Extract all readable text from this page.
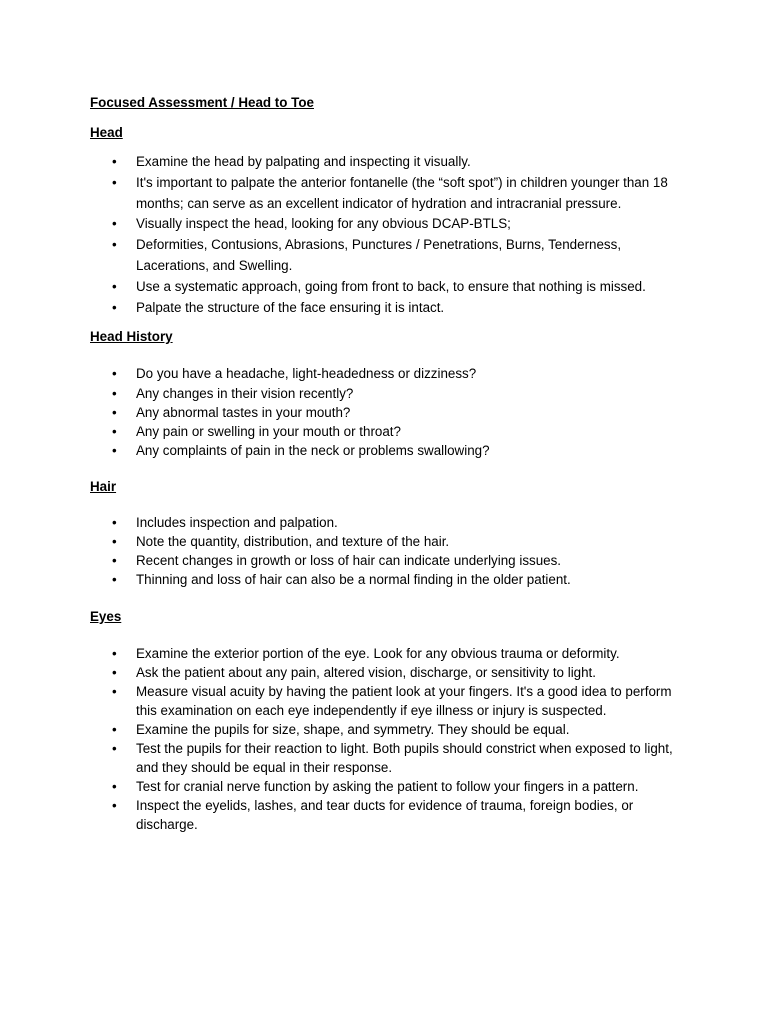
Focused Assessment / Head to Toe
Head
• Examine the head by palpating and inspecting it visually.
• It's important to palpate the anterior fontanelle (the “soft spot”) in children younger than 18 months; can serve as an excellent indicator of hydration and intracranial pressure.
• Visually inspect the head, looking for any obvious DCAP-BTLS;
• Deformities, Contusions, Abrasions, Punctures / Penetrations, Burns, Tenderness, Lacerations, and Swelling.
• Use a systematic approach, going from front to back, to ensure that nothing is missed.
• Palpate the structure of the face ensuring it is intact.
Head History
• Do you have a headache, light-headedness or dizziness?
• Any changes in their vision recently?
• Any abnormal tastes in your mouth?
• Any pain or swelling in your mouth or throat?
• Any complaints of pain in the neck or problems swallowing?
Hair
• Includes inspection and palpation.
• Note the quantity, distribution, and texture of the hair.
• Recent changes in growth or loss of hair can indicate underlying issues.
• Thinning and loss of hair can also be a normal finding in the older patient.
Eyes
• Examine the exterior portion of the eye. Look for any obvious trauma or deformity.
• Ask the patient about any pain, altered vision, discharge, or sensitivity to light.
• Measure visual acuity by having the patient look at your fingers. It's a good idea to perform this examination on each eye independently if eye illness or injury is suspected.
• Examine the pupils for size, shape, and symmetry. They should be equal.
• Test the pupils for their reaction to light. Both pupils should constrict when exposed to light, and they should be equal in their response.
• Test for cranial nerve function by asking the patient to follow your fingers in a pattern.
• Inspect the eyelids, lashes, and tear ducts for evidence of trauma, foreign bodies, or discharge.
